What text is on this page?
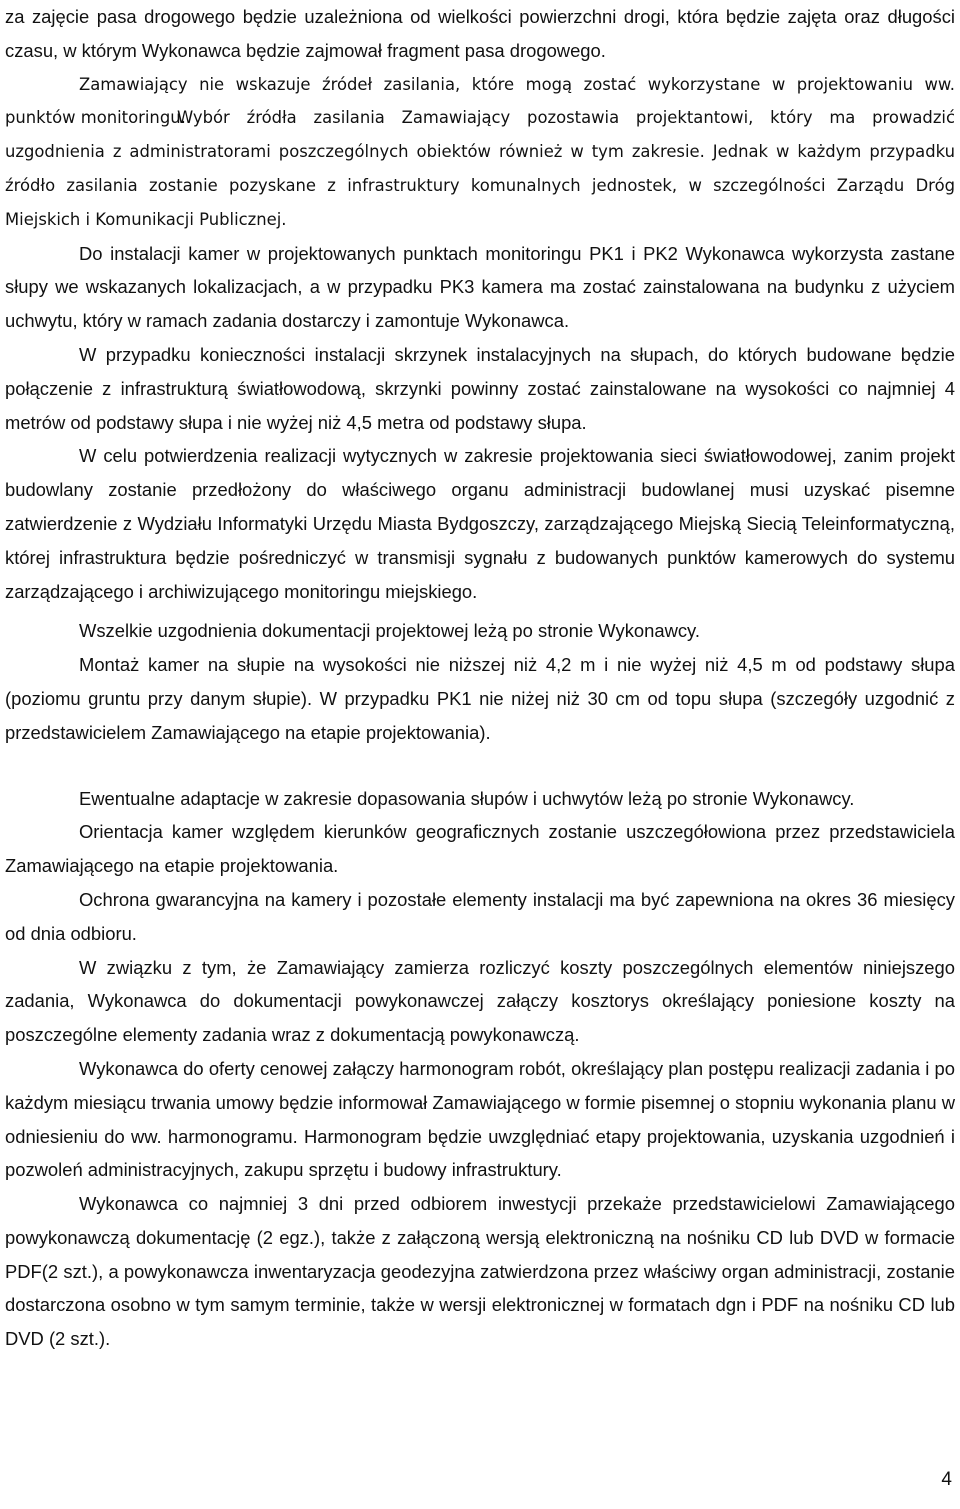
za zajęcie pasa drogowego będzie uzależniona od wielkości powierzchni drogi, która będzie zajęta oraz długości czasu, w którym Wykonawca będzie zajmował fragment pasa drogowego.

Zamawiający nie wskazuje źródeł zasilania, które mogą zostać wykorzystane w projektowaniu ww. punktów monitoringu.

Wybór źródła zasilania Zamawiający pozostawia projektantowi, który ma prowadzić uzgodnienia z administratorami poszczególnych obiektów również w tym zakresie. Jednak w każdym przypadku źródło zasilania zostanie pozyskane z infrastruktury komunalnych jednostek, w szczególności Zarządu Dróg Miejskich i Komunikacji Publicznej.

Do instalacji kamer w projektowanych punktach monitoringu PK1 i PK2 Wykonawca wykorzysta zastane słupy we wskazanych lokalizacjach, a w przypadku PK3 kamera ma zostać zainstalowana na budynku z użyciem uchwytu, który w ramach zadania dostarczy i zamontuje Wykonawca.

W przypadku konieczności instalacji skrzynek instalacyjnych na słupach, do których budowane będzie połączenie z infrastrukturą światłowodową, skrzynki powinny zostać zainstalowane na wysokości co najmniej 4 metrów od podstawy słupa i nie wyżej niż 4,5 metra od podstawy słupa.

W celu potwierdzenia realizacji wytycznych w zakresie projektowania sieci światłowodowej, zanim projekt budowlany zostanie przedłożony do właściwego organu administracji budowlanej musi uzyskać pisemne zatwierdzenie z Wydziału Informatyki Urzędu Miasta Bydgoszczy, zarządzającego Miejską Siecią Teleinformatyczną, której infrastruktura będzie pośredniczyć w transmisji sygnału z budowanych punktów kamerowych do systemu zarządzającego i archiwizującego monitoringu miejskiego.

Wszelkie uzgodnienia dokumentacji projektowej leżą po stronie Wykonawcy.

Montaż kamer na słupie na wysokości nie niższej niż 4,2 m i nie wyżej niż 4,5 m od podstawy słupa (poziomu gruntu przy danym słupie). W przypadku PK1 nie niżej niż 30 cm od topu słupa (szczegóły uzgodnić z przedstawicielem Zamawiającego na etapie projektowania).

Ewentualne adaptacje w zakresie dopasowania słupów i uchwytów leżą po stronie Wykonawcy.

Orientacja kamer względem kierunków geograficznych zostanie uszczegółowiona przez przedstawiciela Zamawiającego na etapie projektowania.

Ochrona gwarancyjna na kamery i pozostałe elementy instalacji ma być zapewniona na okres 36 miesięcy od dnia odbioru.

W związku z tym, że Zamawiający zamierza rozliczyć koszty poszczególnych elementów niniejszego zadania, Wykonawca do dokumentacji powykonawczej załączy kosztorys określający poniesione koszty na poszczególne elementy zadania wraz z dokumentacją powykonawczą.

Wykonawca do oferty cenowej załączy harmonogram robót, określający plan postępu realizacji zadania i po każdym miesiącu trwania umowy będzie informował Zamawiającego w formie pisemnej o stopniu wykonania planu w odniesieniu do ww. harmonogramu. Harmonogram będzie uwzględniać etapy projektowania, uzyskania uzgodnień i pozwoleń administracyjnych, zakupu sprzętu i budowy infrastruktury.

Wykonawca co najmniej 3 dni przed odbiorem inwestycji przekaże przedstawicielowi Zamawiającego powykonawczą dokumentację (2 egz.), także z załączoną wersją elektroniczną na nośniku CD lub DVD w formacie PDF(2 szt.), a powykonawcza inwentaryzacja geodezyjna zatwierdzona przez właściwy organ administracji, zostanie dostarczona osobno w tym samym terminie, także w wersji elektronicznej w formatach dgn i PDF na nośniku CD lub DVD (2 szt.).

4
